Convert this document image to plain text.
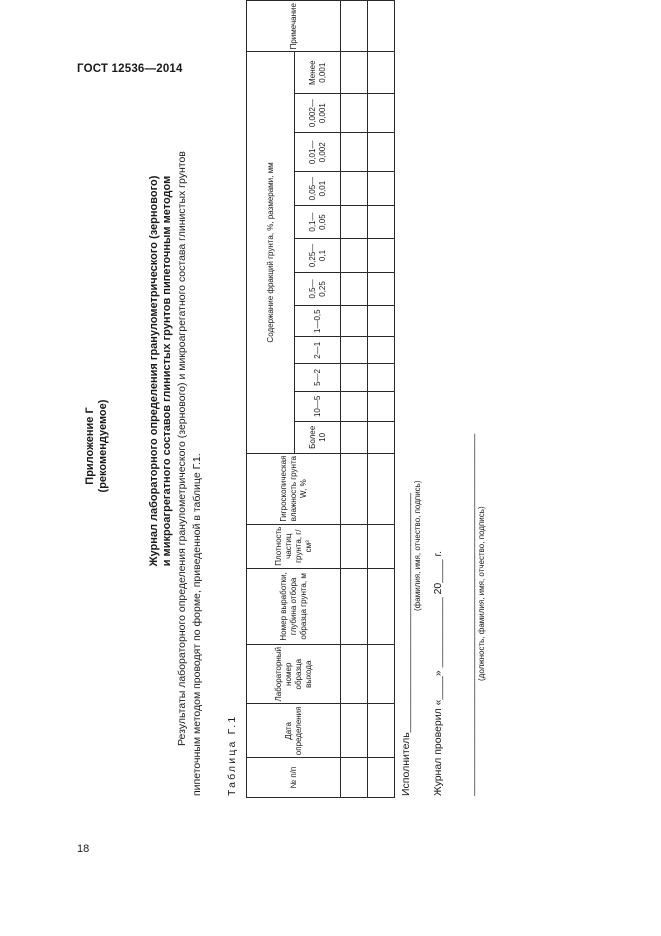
ГОСТ 12536—2014
Приложение Г
(рекомендуемое)	Журнал лабораторного определения гранулометрического (зернового)
и микроагрегатного составов глинистых грунтов пипеточным методом Результаты лабораторного определения гранулометрического (зернового) и микроагрегатного состава глинистых грунтов пипеточным методом проводят по форме, приведенной в таблице Г.1. Таблица Г.1	№ п/п	Дата определения	Лабораторный номер образца выхода	Номер выработки, глубина отбора образца грунта, м	Плотность частиц грунта, г/см³	Гигроскопическая влажность грунта W, %	Содержание фракций грунта, %, размерами, мм												Примечание
						Более 10	10—5	5—2	2—1	1—0,5	0,5—0,25	0,25—0,1	0,1—0,05	0,05—0,01	0,01—0,002	0,002—0,001	Менее 0,001	

Исполнитель_________________________________________ (фамилия, имя, отчество, подпись)
Журнал проверил «____» ____________ 20____ г. ______________________________________________________________ (должность, фамилия, имя, отчество, подпись)
18
